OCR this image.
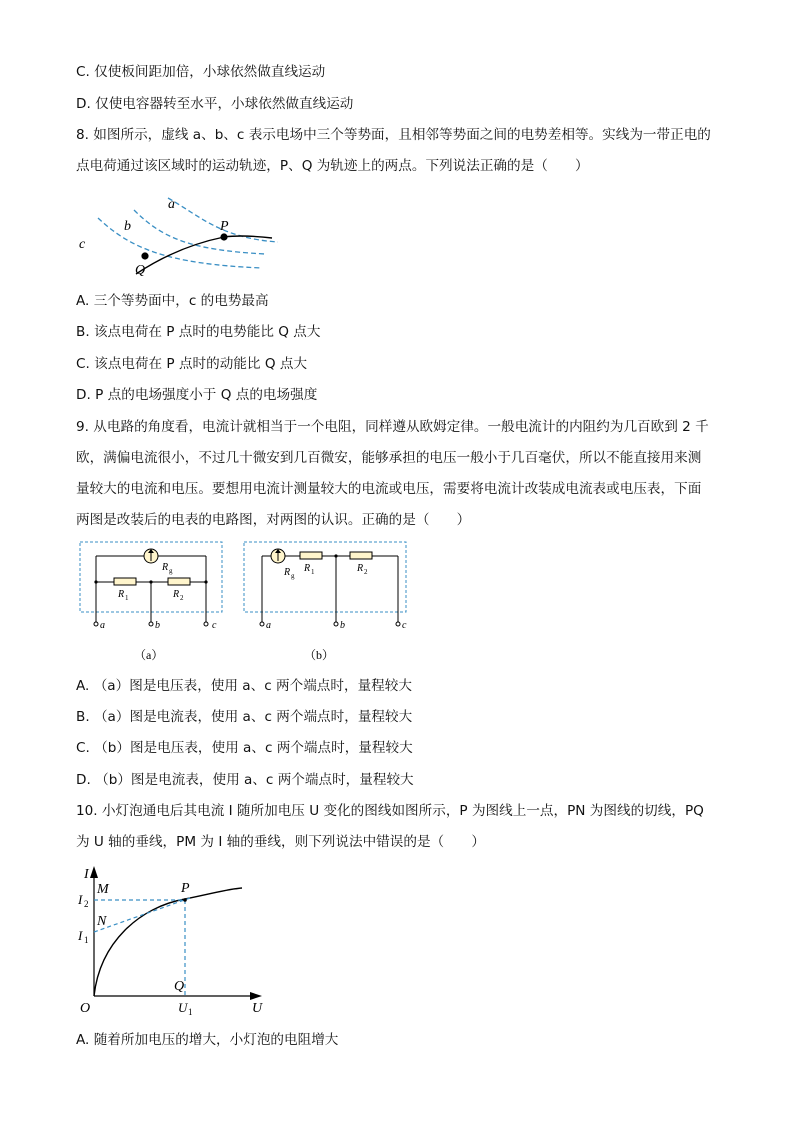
C. 仅使板间距加倍，小球依然做直线运动
D. 仅使电容器转至水平，小球依然做直线运动
8. 如图所示，虚线 a、b、c 表示电场中三个等势面，且相邻等势面之间的电势差相等。实线为一带正电的
点电荷通过该区域时的运动轨迹，P、Q 为轨迹上的两点。下列说法正确的是（　　）
a
b
c
P
Q
A. 三个等势面中，c 的电势最高
B. 该点电荷在 P 点时的电势能比 Q 点大
C. 该点电荷在 P 点时的动能比 Q 点大
D. P 点的电场强度小于 Q 点的电场强度
9. 从电路的角度看，电流计就相当于一个电阻，同样遵从欧姆定律。一般电流计的内阻约为几百欧到 2 千
欧，满偏电流很小，不过几十微安到几百微安，能够承担的电压一般小于几百毫伏，所以不能直接用来测
量较大的电流和电压。要想用电流计测量较大的电流或电压，需要将电流计改装成电流表或电压表，下面
两图是改装后的电表的电路图，对两图的认识。正确的是（　　）
R g
R 1	R 2
a	b	c
（a）
R g
R 1	R 2
a	b	c
（b）
A. （a）图是电压表，使用 a、c 两个端点时，量程较大
B. （a）图是电流表，使用 a、c 两个端点时，量程较大
C. （b）图是电压表，使用 a、c 两个端点时，量程较大
D. （b）图是电流表，使用 a、c 两个端点时，量程较大
10. 小灯泡通电后其电流 I 随所加电压 U 变化的图线如图所示，P 为图线上一点，PN 为图线的切线，PQ
为 U 轴的垂线，PM 为 I 轴的垂线，则下列说法中错误的是（　　）
I
U
O
M
N
P
Q
I 2
I 1
U 1
A. 随着所加电压的增大，小灯泡的电阻增大
